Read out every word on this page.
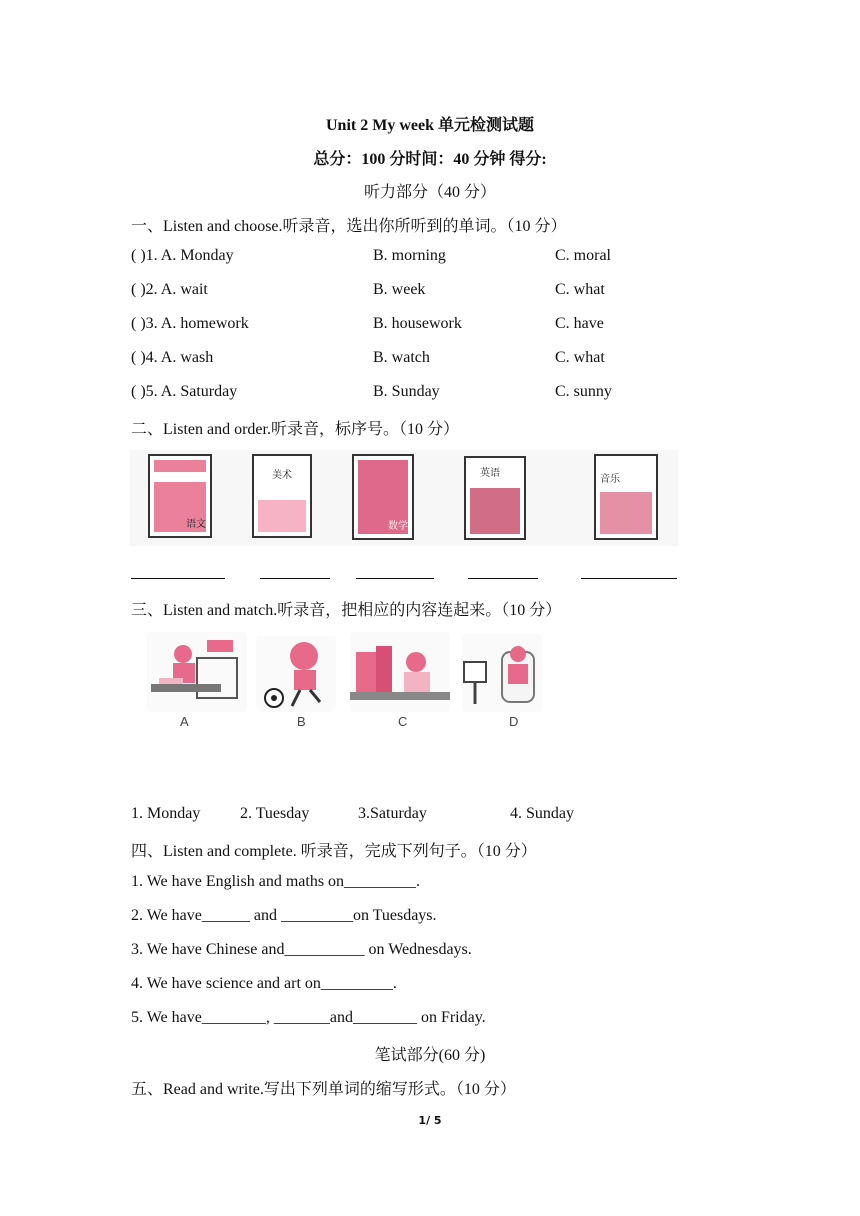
Unit 2 My week 单元检测试题
总分：100 分时间：40 分钟 得分:
听力部分（40 分）
一、Listen and choose.听录音，选出你所听到的单词。（10 分）
( )1. A. Monday	B. morning	C. moral
( )2. A. wait	B. week	C. what
( )3. A. homework	B. housework	C. have
( )4. A. wash	B. watch	C. what
( )5. A. Saturday	B. Sunday	C. sunny
二、Listen and order.听录音，标序号。（10 分）
语文
美术
数学
英语
音乐
三、Listen and match.听录音，把相应的内容连起来。（10 分）
A	B	C	D
1. Monday 2. Tuesday	3.Saturday	4. Sunday
四、Listen and complete. 听录音，完成下列句子。（10 分）
1. We have English and maths on_________.
2. We have______ and _________on Tuesdays.
3. We have Chinese and__________ on Wednesdays.
4. We have science and art on_________.
5. We have________, _______and________ on Friday.
笔试部分(60 分)
五、Read and write.写出下列单词的缩写形式。（10 分）
1/ 5
